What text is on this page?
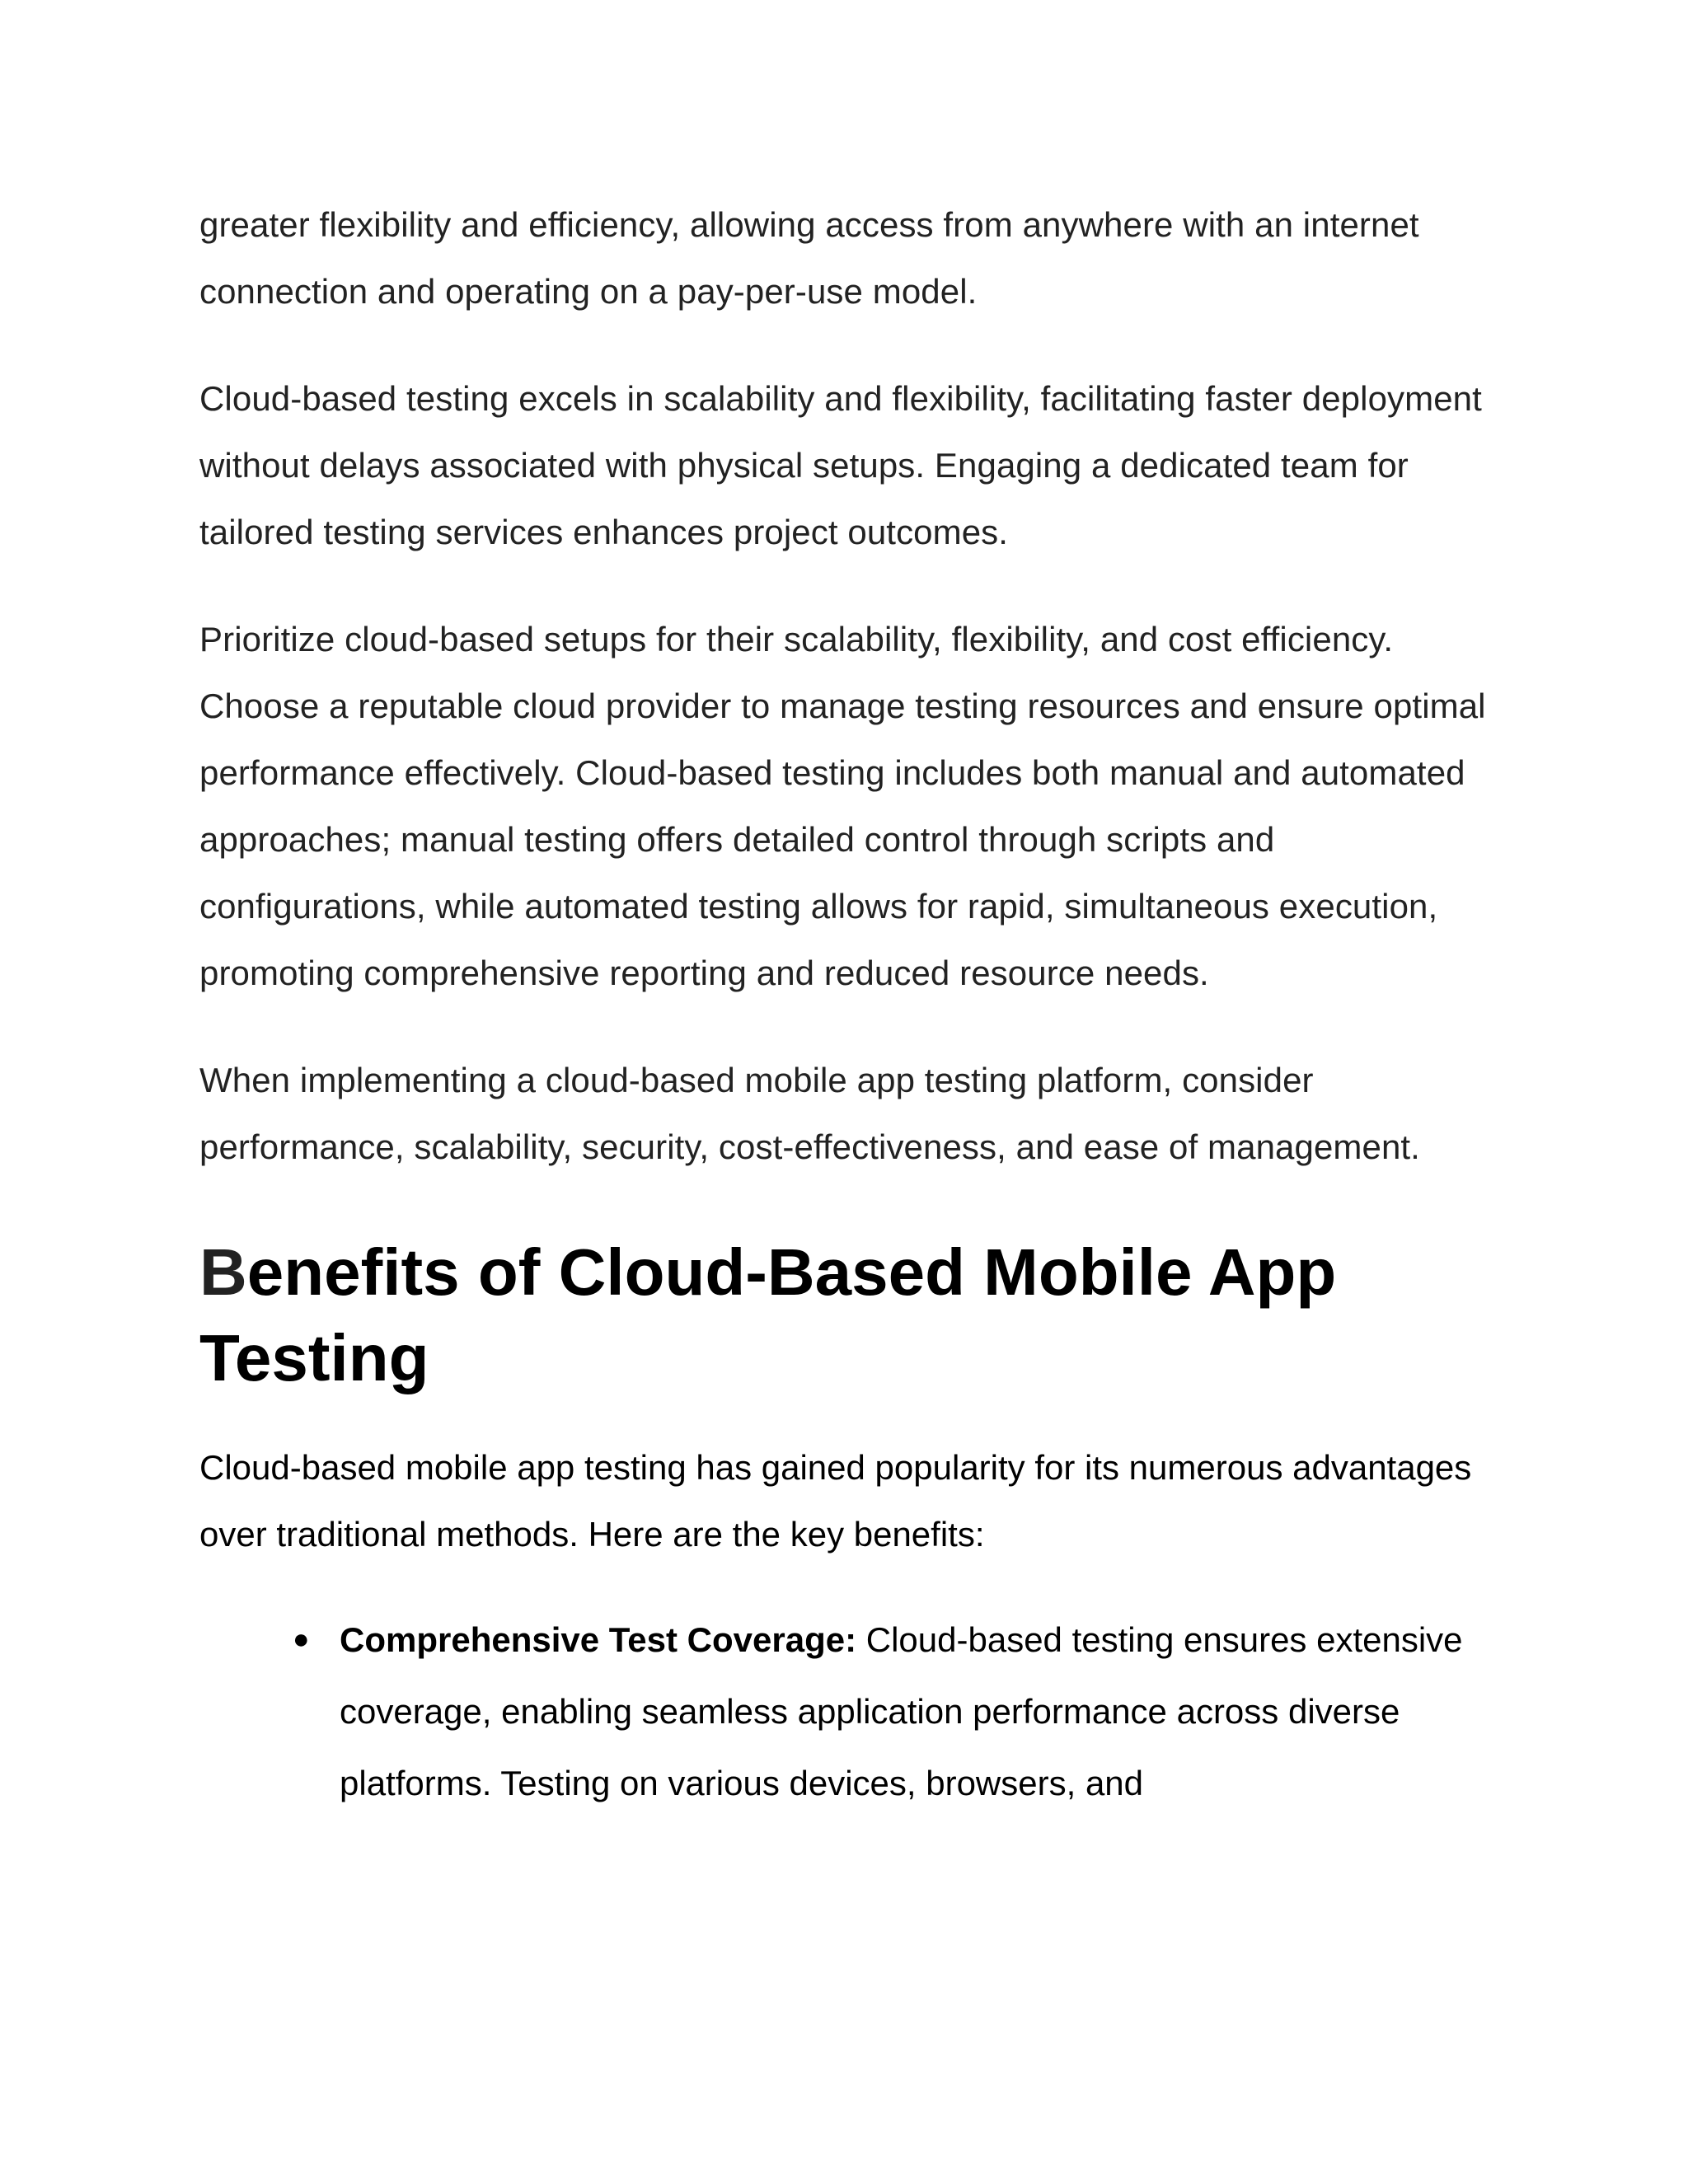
greater flexibility and efficiency, allowing access from anywhere with an internet connection and operating on a pay-per-use model.

Cloud-based testing excels in scalability and flexibility, facilitating faster deployment without delays associated with physical setups. Engaging a dedicated team for tailored testing services enhances project outcomes.

Prioritize cloud-based setups for their scalability, flexibility, and cost efficiency. Choose a reputable cloud provider to manage testing resources and ensure optimal performance effectively. Cloud-based testing includes both manual and automated approaches; manual testing offers detailed control through scripts and configurations, while automated testing allows for rapid, simultaneous execution, promoting comprehensive reporting and reduced resource needs.

When implementing a cloud-based mobile app testing platform, consider performance, scalability, security, cost-effectiveness, and ease of management.

Benefits of Cloud-Based Mobile App Testing

Cloud-based mobile app testing has gained popularity for its numerous advantages over traditional methods. Here are the key benefits:

● Comprehensive Test Coverage: Cloud-based testing ensures extensive coverage, enabling seamless application performance across diverse platforms. Testing on various devices, browsers, and
